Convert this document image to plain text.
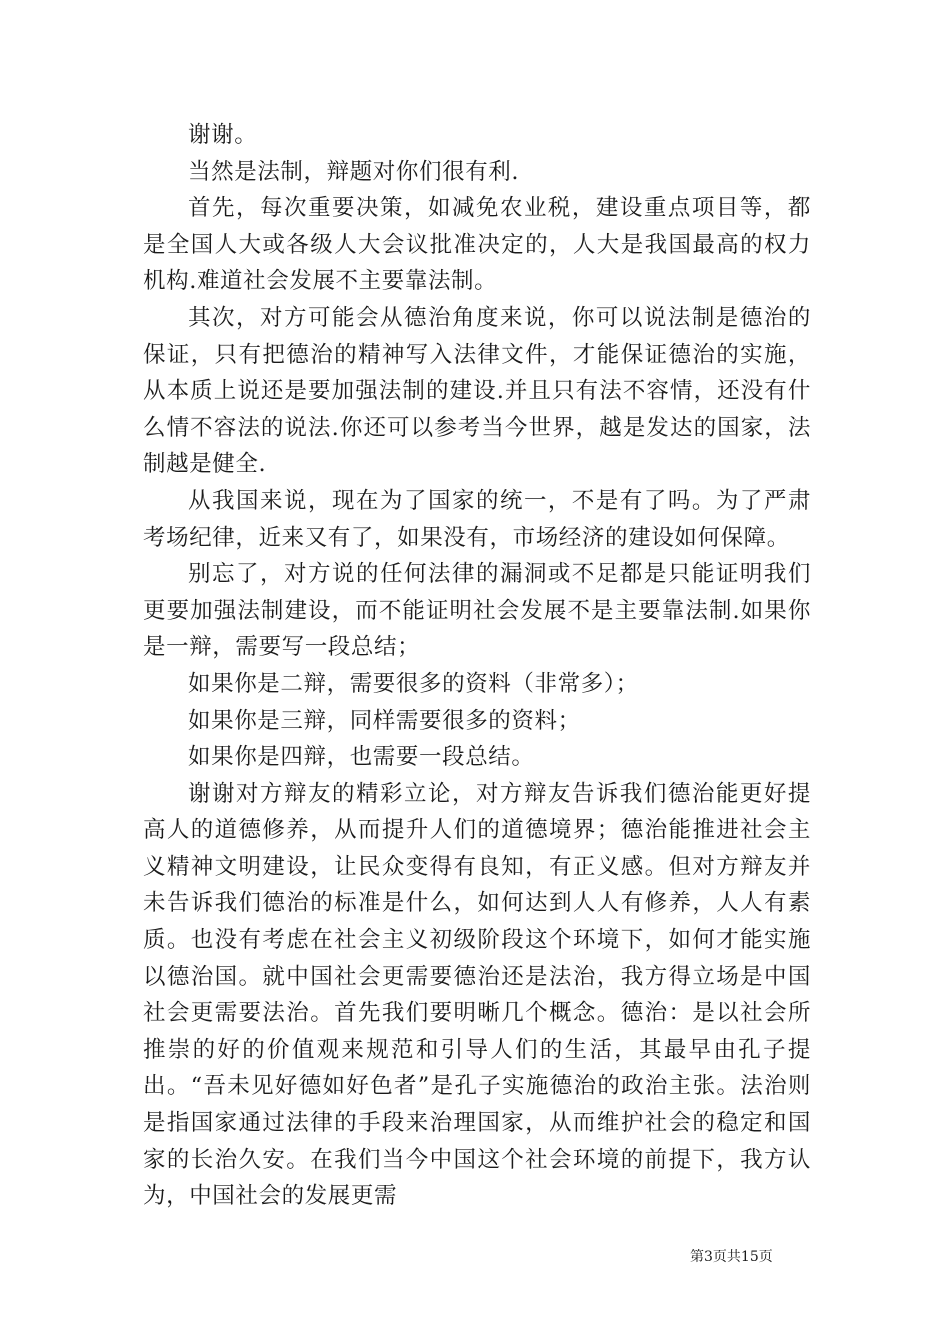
谢谢。

当然是法制，辩题对你们很有利.

首先，每次重要决策，如减免农业税，建设重点项目等，都是全国人大或各级人大会议批准决定的，人大是我国最高的权力机构.难道社会发展不主要靠法制。

其次，对方可能会从德治角度来说，你可以说法制是德治的保证，只有把德治的精神写入法律文件，才能保证德治的实施，从本质上说还是要加强法制的建设.并且只有法不容情，还没有什么情不容法的说法.你还可以参考当今世界，越是发达的国家，法制越是健全.

从我国来说，现在为了国家的统一，不是有了吗。为了严肃考场纪律，近来又有了，如果没有，市场经济的建设如何保障。

别忘了，对方说的任何法律的漏洞或不足都是只能证明我们更要加强法制建设，而不能证明社会发展不是主要靠法制.如果你是一辩，需要写一段总结；

如果你是二辩，需要很多的资料（非常多）；

如果你是三辩，同样需要很多的资料；

如果你是四辩，也需要一段总结。

谢谢对方辩友的精彩立论，对方辩友告诉我们德治能更好提高人的道德修养，从而提升人们的道德境界；德治能推进社会主义精神文明建设，让民众变得有良知，有正义感。但对方辩友并未告诉我们德治的标准是什么，如何达到人人有修养，人人有素质。也没有考虑在社会主义初级阶段这个环境下，如何才能实施以德治国。就中国社会更需要德治还是法治，我方得立场是中国社会更需要法治。首先我们要明晰几个概念。德治：是以社会所推崇的好的价值观来规范和引导人们的生活，其最早由孔子提出。“吾未见好德如好色者”是孔子实施德治的政治主张。法治则是指国家通过法律的手段来治理国家，从而维护社会的稳定和国家的长治久安。在我们当今中国这个社会环境的前提下，我方认为，中国社会的发展更需

第3页共15页
